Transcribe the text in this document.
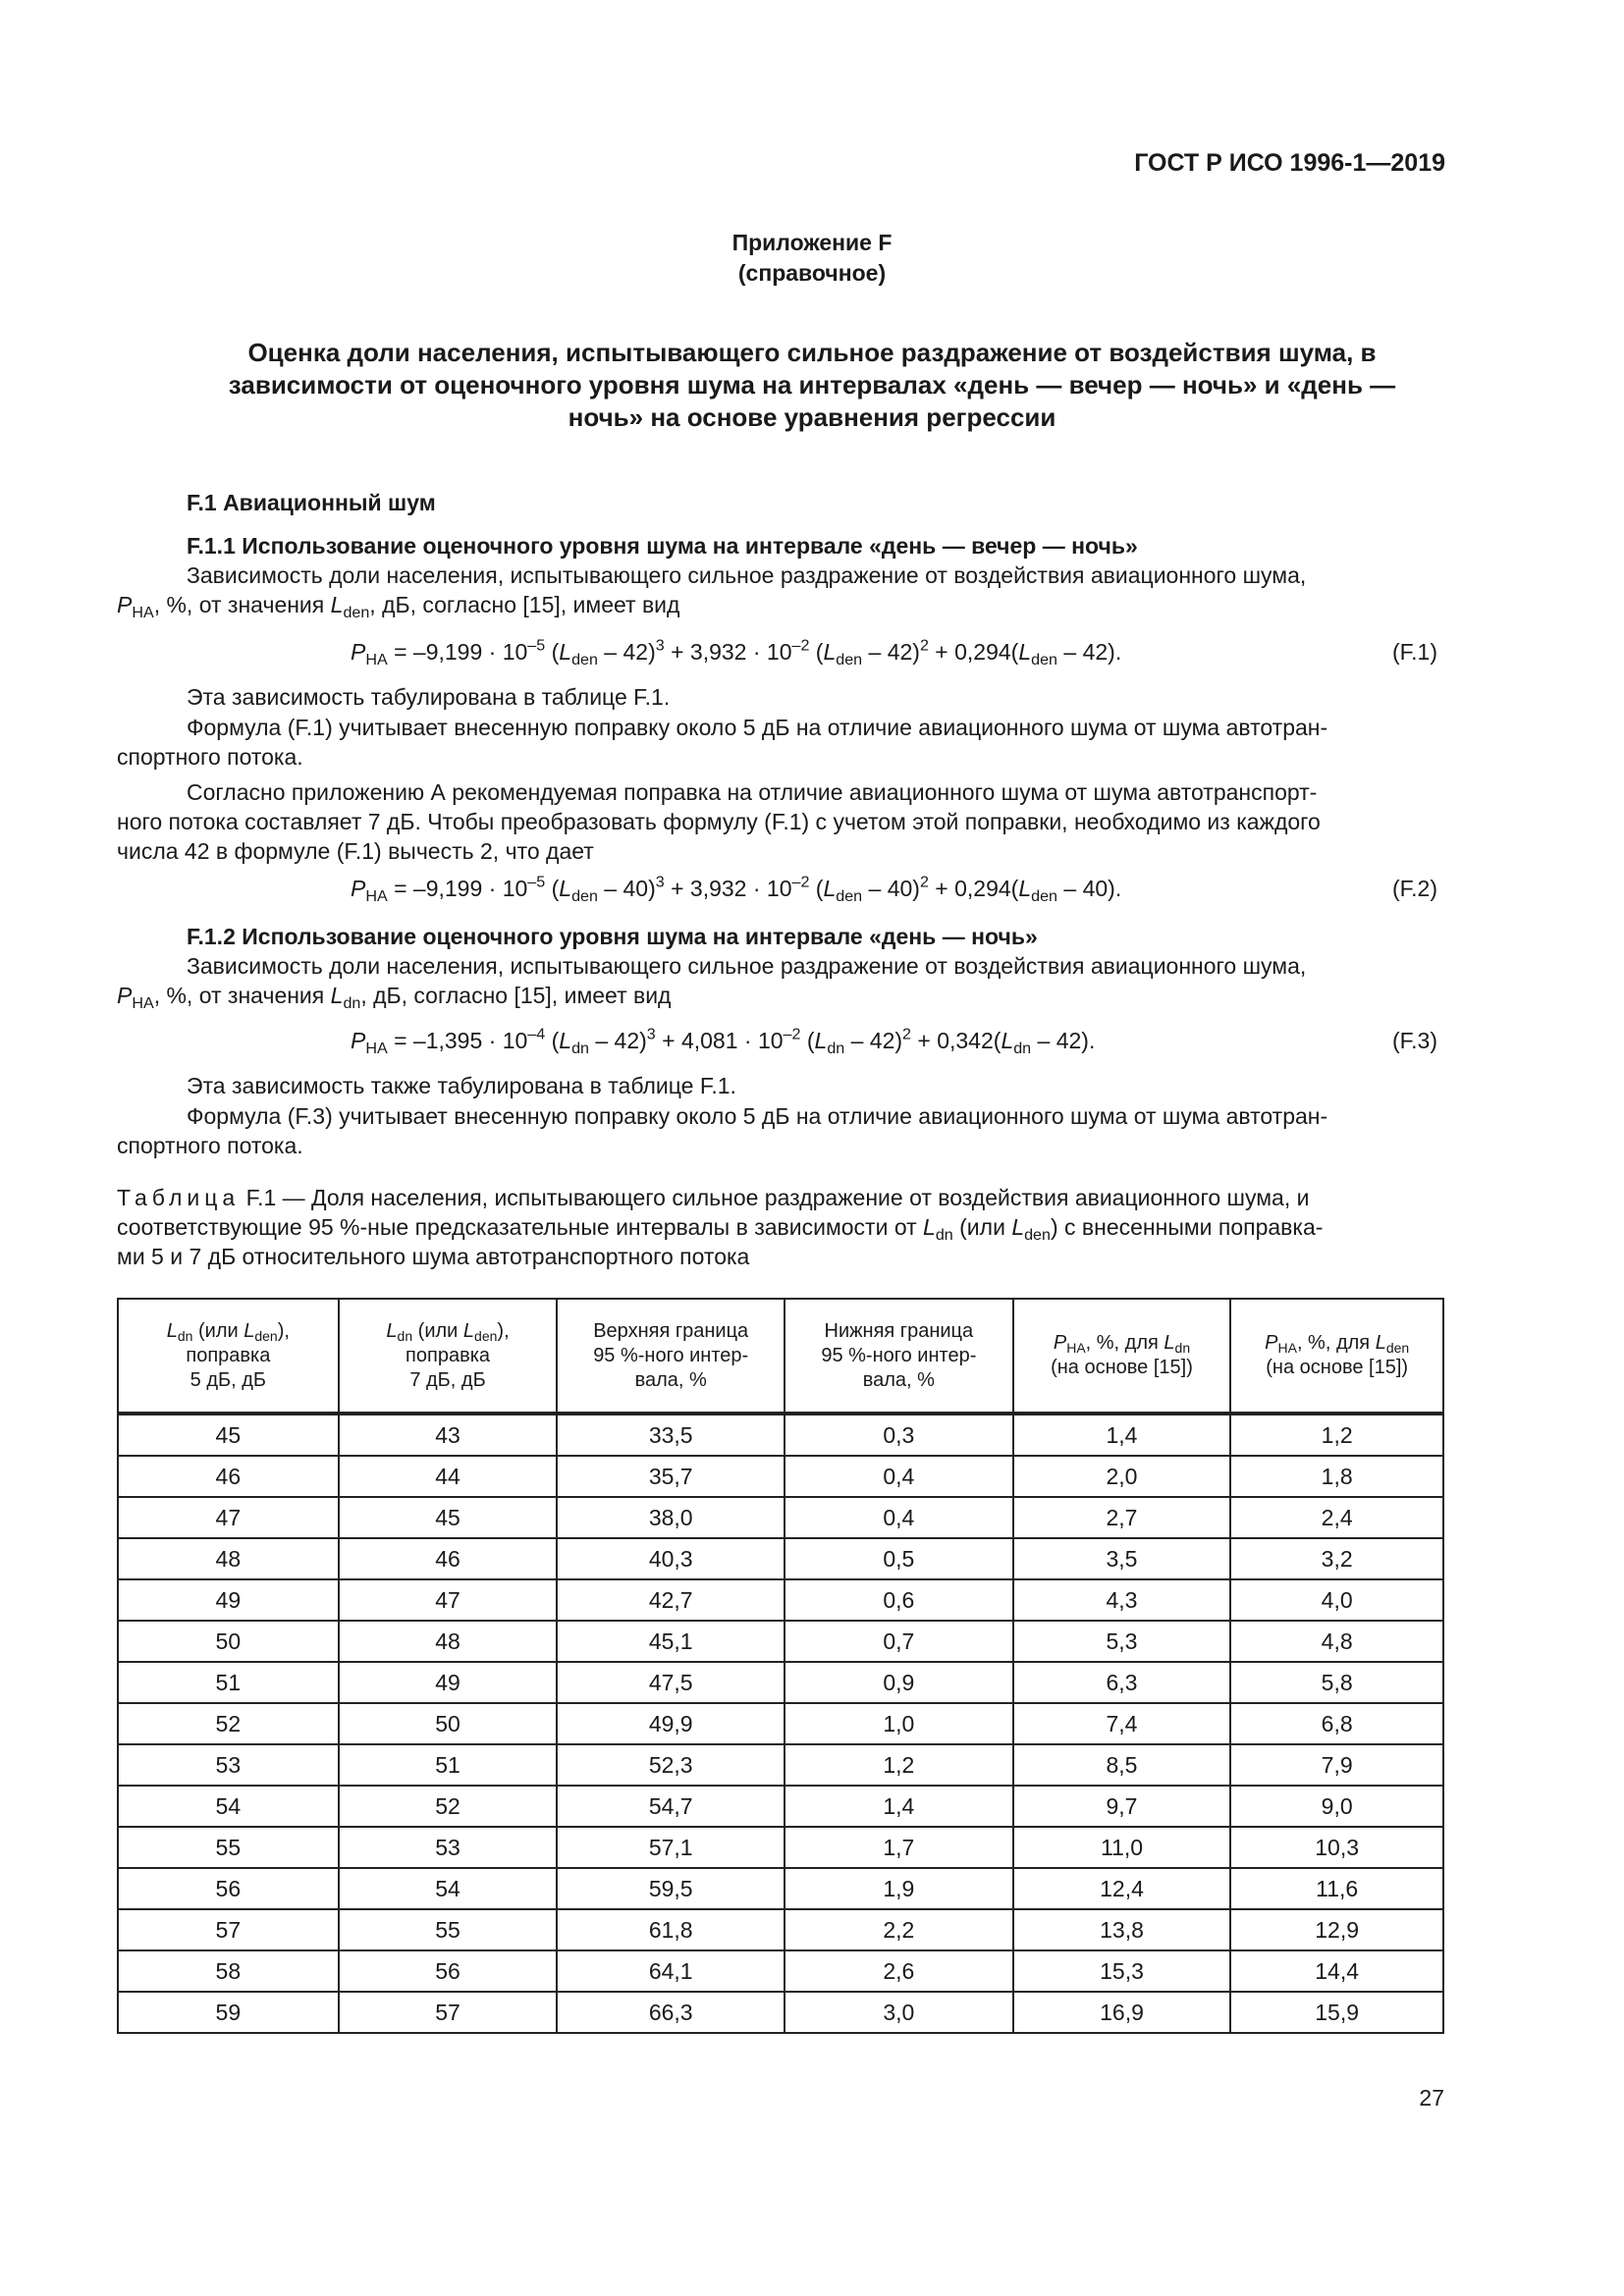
ГОСТ Р ИСО 1996-1—2019
Приложение F
(справочное)
Оценка доли населения, испытывающего сильное раздражение от воздействия шума, в
зависимости от оценочного уровня шума на интервалах «день — вечер — ночь» и «день —
ночь» на основе уравнения регрессии
F.1 Авиационный шум
F.1.1 Использование оценочного уровня шума на интервале «день — вечер — ночь»
Зависимость доли населения, испытывающего сильное раздражение от воздействия авиационного шума,
$P_{HA}$, %, от значения $L_{den}$, дБ, согласно [15], имеет вид
$P_{HA} = -9,199 \cdot 10^{-5}$ $(L_{den} - 42)^3 + 3,932 \cdot 10^{-2}$ $(L_{den} - 42)^2 + 0,294(L_{den} - 42)$.	(F.1)
Эта зависимость табулирована в таблице F.1.
Формула (F.1) учитывает внесенную поправку около 5 дБ на отличие авиационного шума от шума автотран-
спортного потока.
Согласно приложению А рекомендуемая поправка на отличие авиационного шума от шума автотранспорт-
ного потока составляет 7 дБ. Чтобы преобразовать формулу (F.1) с учетом этой поправки, необходимо из каждого
числа 42 в формуле (F.1) вычесть 2, что дает
$P_{HA} = -9,199 \cdot 10^{-5}$ $(L_{den} - 40)^3 + 3,932 \cdot 10^{-2}$ $(L_{den} - 40)^2 + 0,294(L_{den} - 40)$.	(F.2)
F.1.2 Использование оценочного уровня шума на интервале «день — ночь»
Зависимость доли населения, испытывающего сильное раздражение от воздействия авиационного шума,
$P_{HA}$, %, от значения $L_{dn}$, дБ, согласно [15], имеет вид
$P_{HA} = -1,395 \cdot 10^{-4}$ $(L_{dn} - 42)^3 + 4,081 \cdot 10^{-2}$ $(L_{dn} - 42)^2 + 0,342(L_{dn} - 42)$.	(F.3)
Эта зависимость также табулирована в таблице F.1.
Формула (F.3) учитывает внесенную поправку около 5 дБ на отличие авиационного шума от шума автотран-
спортного потока.
Таблица F.1 — Доля населения, испытывающего сильное раздражение от воздействия авиационного шума, и
соответствующие 95 %-ные предсказательные интервалы в зависимости от $L_{dn}$ (или $L_{den}$) с внесенными поправка-
ми 5 и 7 дБ относительного шума автотранспортного потока
$L_{dn}$ (или $L_{den}$),
поправка
5 дБ, дБ	$L_{dn}$ (или $L_{den}$),
поправка
7 дБ, дБ	Верхняя граница
95 %-ного интер-
вала, %	Нижняя граница
95 %-ного интер-
вала, %	$P_{HA}$, %, для $L_{dn}$
(на основе [15])	$P_{HA}$, %, для $L_{den}$
(на основе [15])
45	43	33,5	0,3	1,4	1,2
46	44	35,7	0,4	2,0	1,8
47	45	38,0	0,4	2,7	2,4
48	46	40,3	0,5	3,5	3,2
49	47	42,7	0,6	4,3	4,0
50	48	45,1	0,7	5,3	4,8
51	49	47,5	0,9	6,3	5,8
52	50	49,9	1,0	7,4	6,8
53	51	52,3	1,2	8,5	7,9
54	52	54,7	1,4	9,7	9,0
55	53	57,1	1,7	11,0	10,3
56	54	59,5	1,9	12,4	11,6
57	55	61,8	2,2	13,8	12,9
58	56	64,1	2,6	15,3	14,4
59	57	66,3	3,0	16,9	15,9
27
